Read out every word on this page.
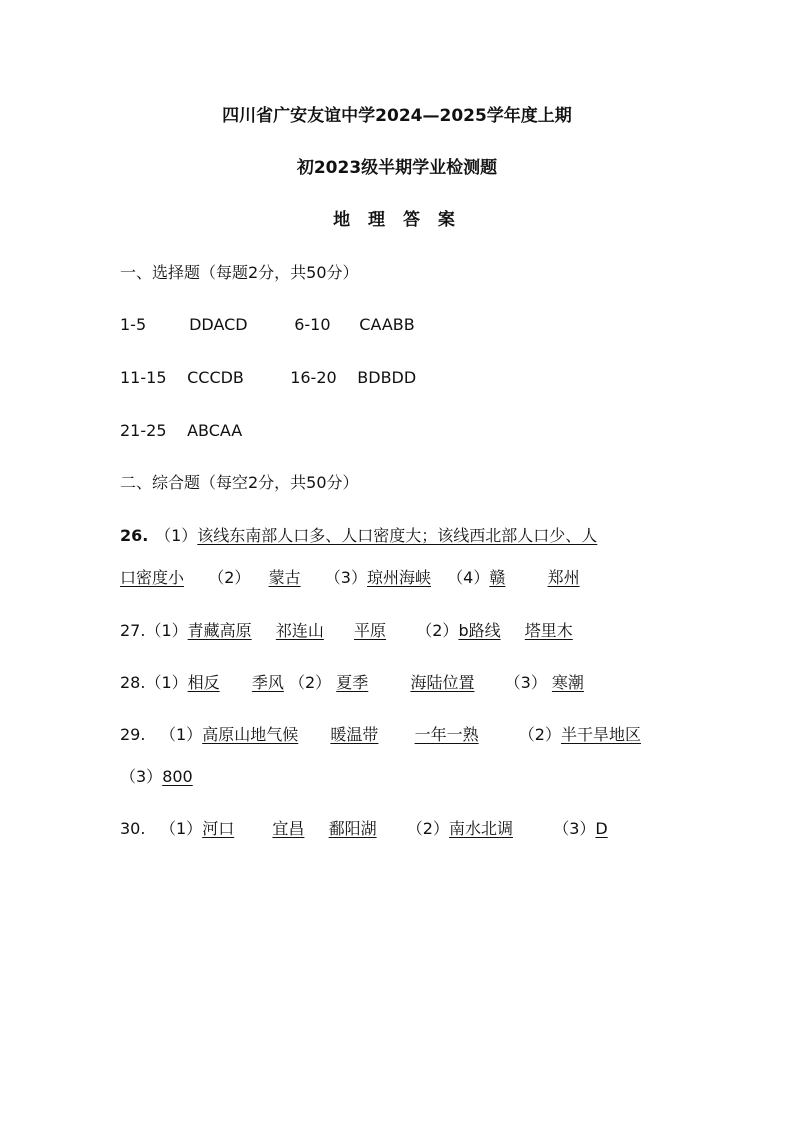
四川省广安友谊中学2024—2025学年度上期
初2023级半期学业检测题
地 理 答 案
一、选择题（每题2分，共50分）
1-5	DDACD	6-10 CAABB
11-15 CCCDB	16-20 BDBDD
21-25 ABCAA
二、综合题（每空2分，共50分）
26. （1）该线东南部人口多、人口密度大；该线西北部人口少、人
口密度小 （2） 蒙古 （3）琼州海峡 （4）赣	郑州
27.（1）青藏高原 祁连山 平原 （2）b路线 塔里木
28.（1）相反 季风 （2） 夏季	海陆位置 （3） 寒潮
29. （1）高原山地气候 暖温带 一年一熟	（2）半干旱地区
（3）800
30. （1）河口 宜昌 鄱阳湖 （2）南水北调	（3）D
